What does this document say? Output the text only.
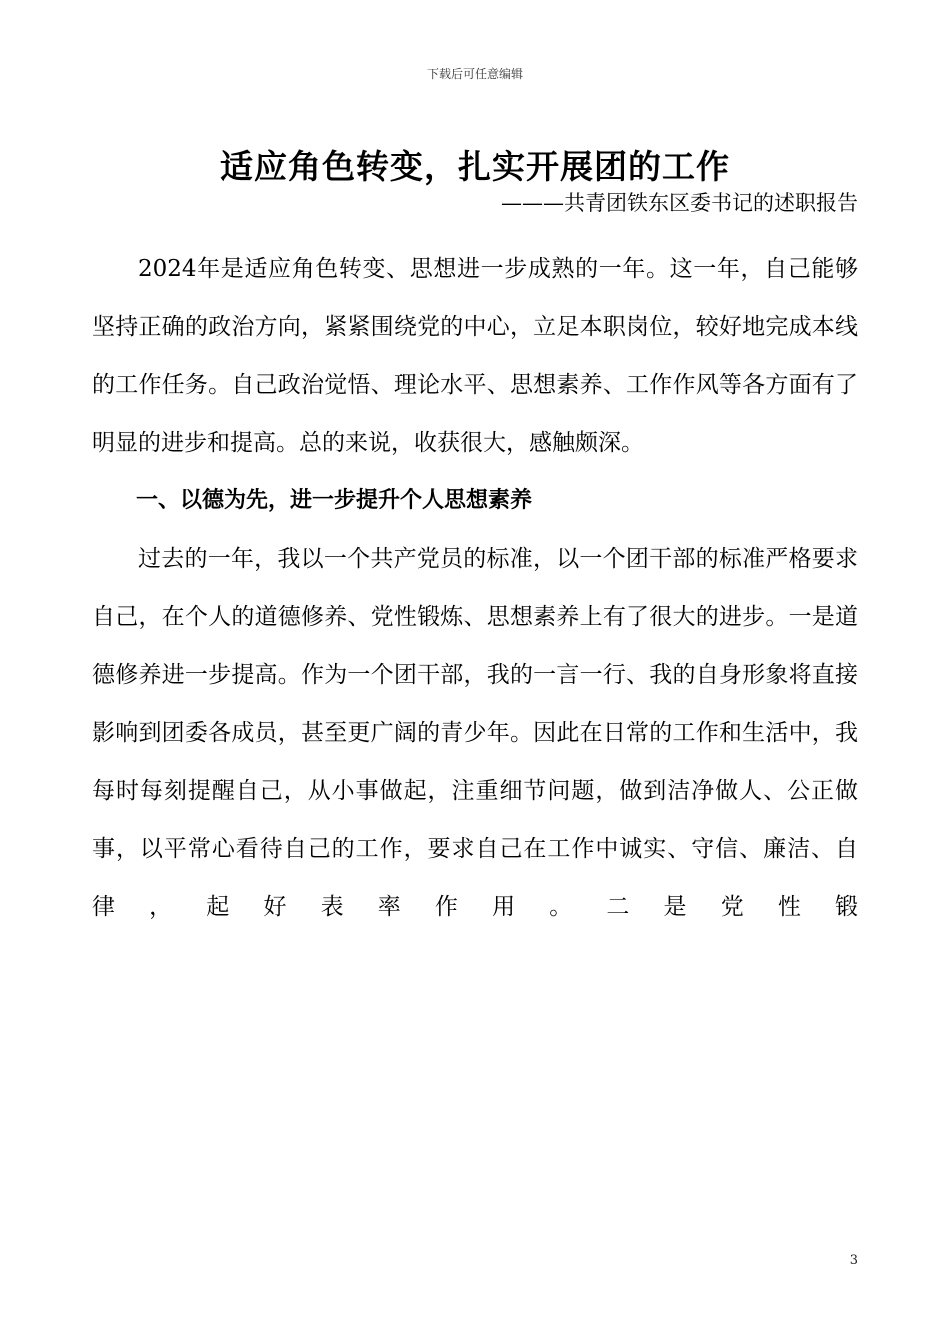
下载后可任意编辑
适应角色转变，扎实开展团的工作
———共青团铁东区委书记的述职报告

2024年是适应角色转变、思想进一步成熟的一年。这一年，自己能够坚持正确的政治方向，紧紧围绕党的中心，立足本职岗位，较好地完成本线的工作任务。自己政治觉悟、理论水平、思想素养、工作作风等各方面有了明显的进步和提高。总的来说，收获很大，感触颇深。

一、以德为先，进一步提升个人思想素养

过去的一年，我以一个共产党员的标准，以一个团干部的标准严格要求自己，在个人的道德修养、党性锻炼、思想素养上有了很大的进步。一是道德修养进一步提高。作为一个团干部，我的一言一行、我的自身形象将直接影响到团委各成员，甚至更广阔的青少年。因此在日常的工作和生活中，我每时每刻提醒自己，从小事做起，注重细节问题，做到洁净做人、公正做事，以平常心看待自己的工作，要求自己在工作中诚实、守信、廉洁、自律，起好表率作用。二是党性锻

3
